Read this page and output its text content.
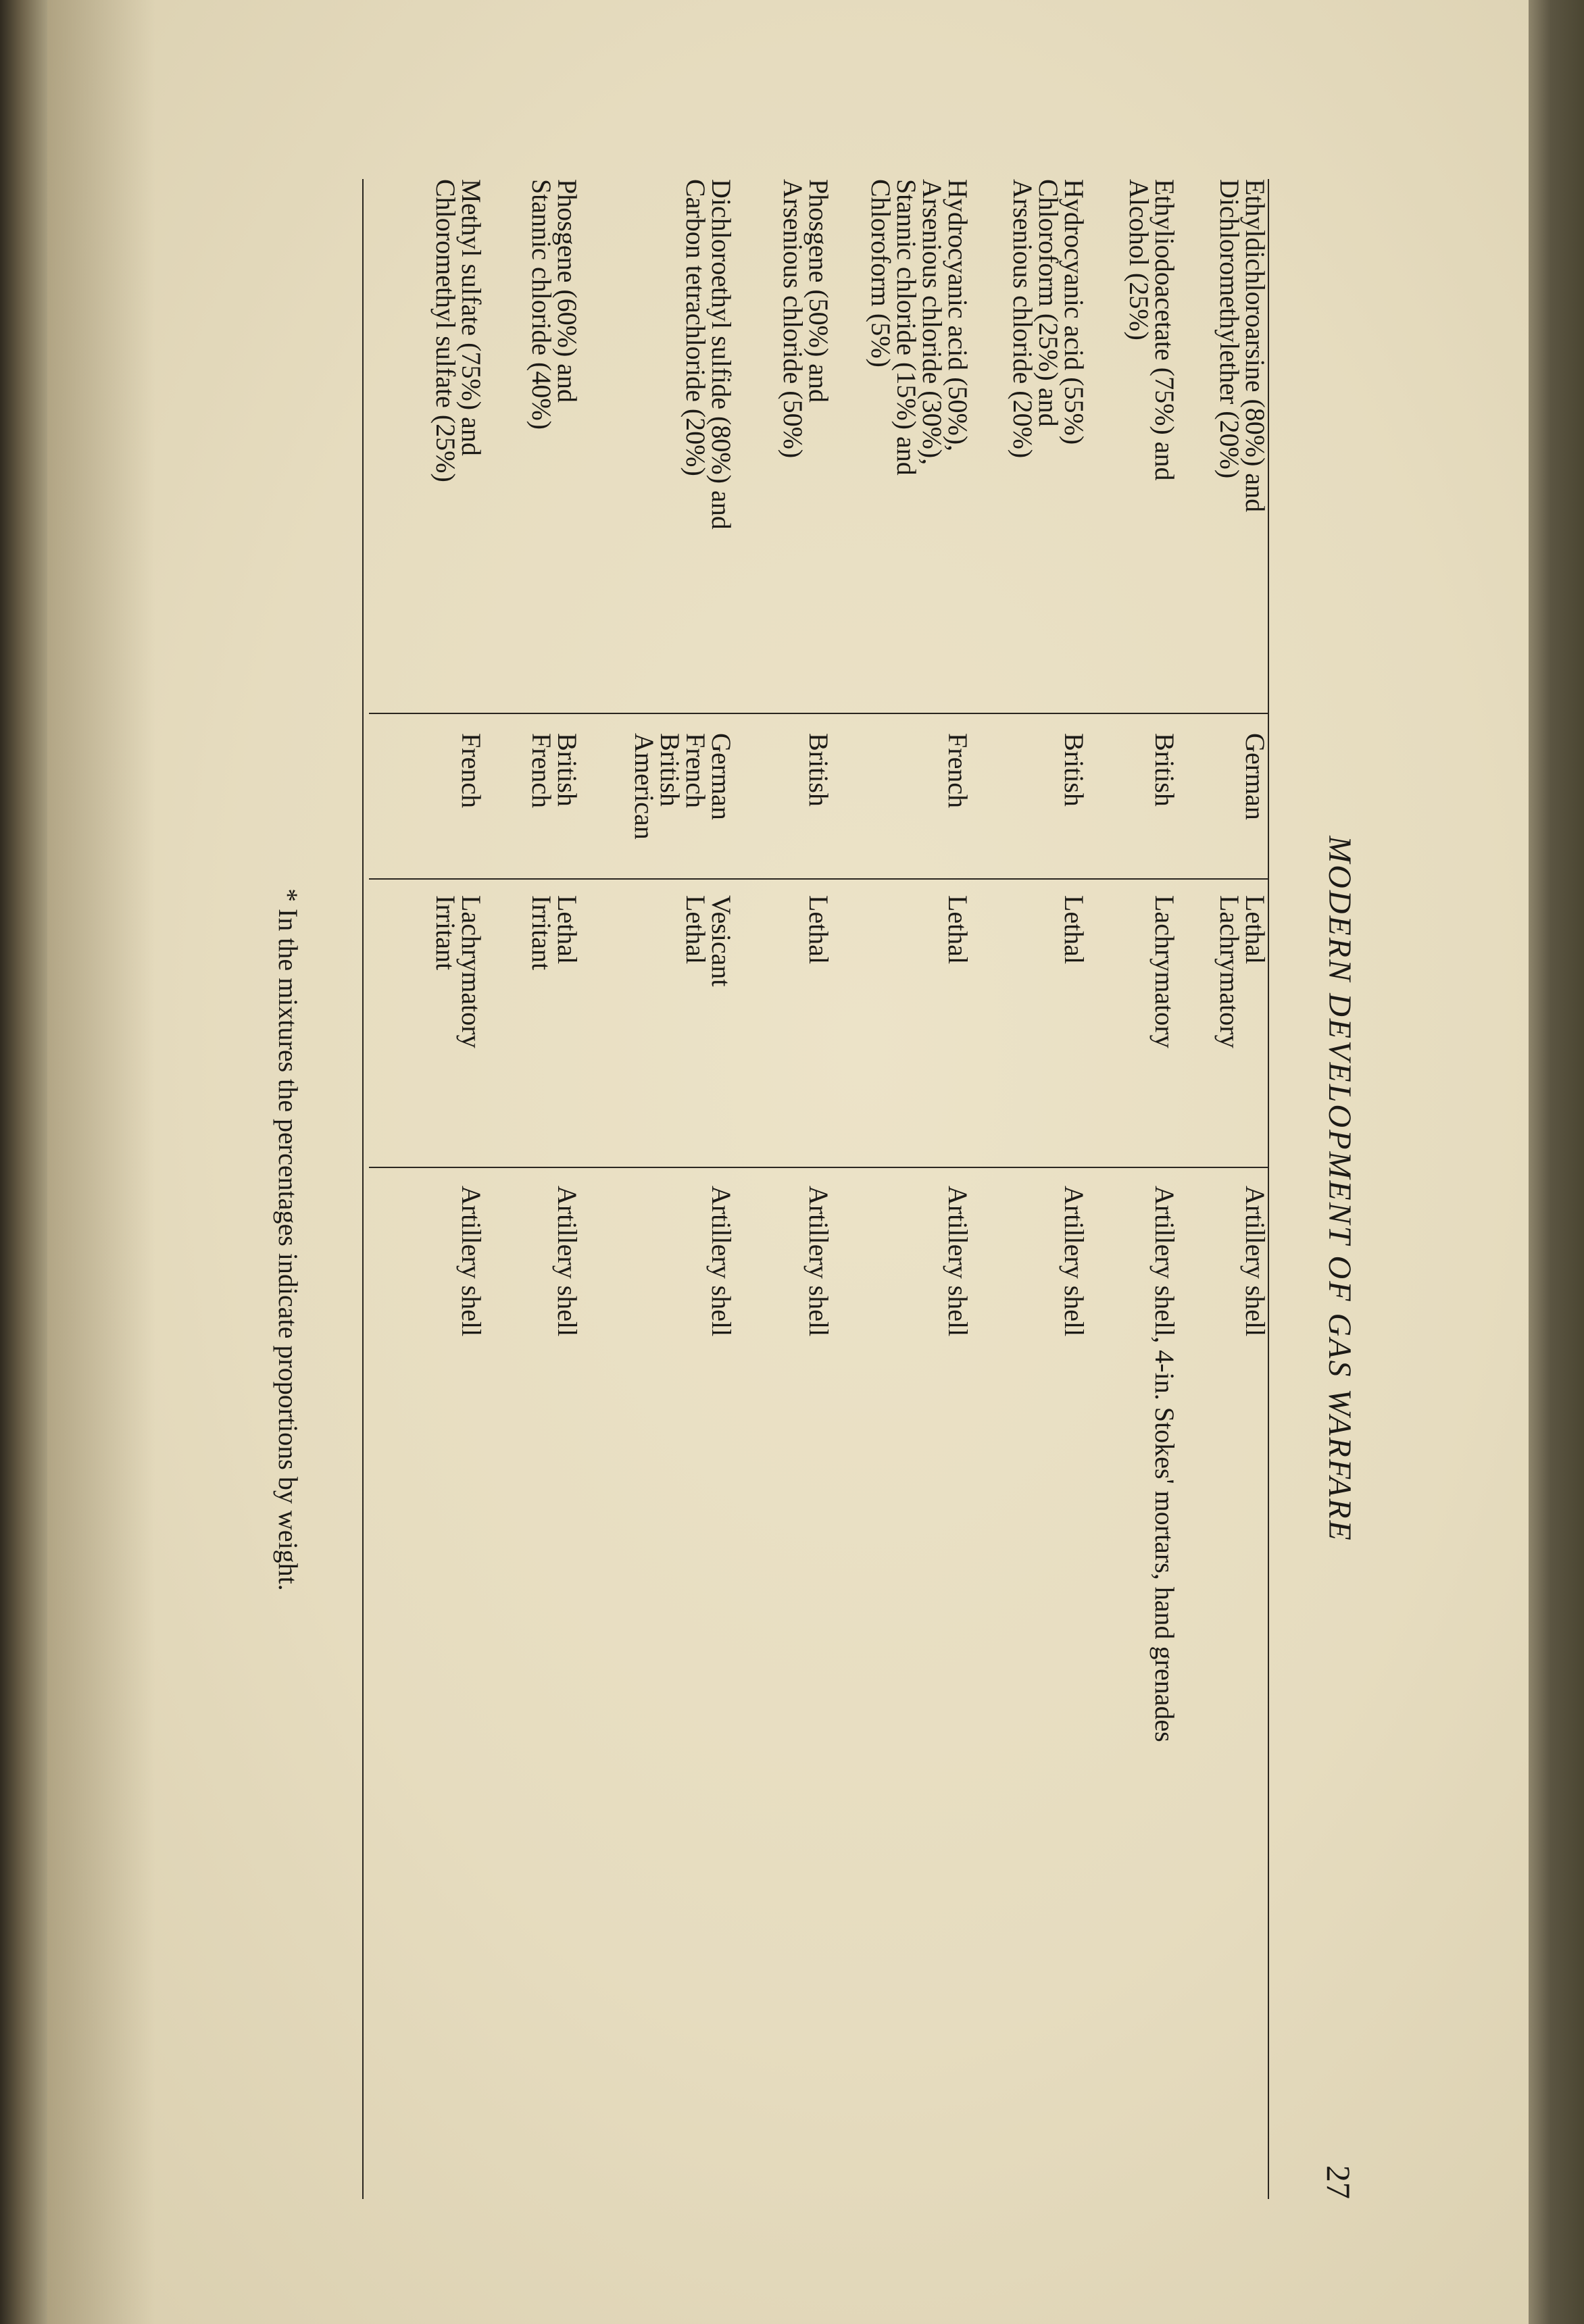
MODERN DEVELOPMENT OF GAS WARFARE
27
Ethyldichloroarsine (80%) and
Dichloromethylether (20%)
German
Lethal
Lachrymatory
Artillery shell
Ethyliodoacetate (75%) and
Alcohol (25%)
British
Lachrymatory
Artillery shell, 4-in. Stokes' mortars, hand grenades
Hydrocyanic acid (55%)
Chloroform (25%) and
Arsenious chloride (20%)
British
Lethal
Artillery shell
Hydrocyanic acid (50%),
Arsenious chloride (30%),
Stannic chloride (15%) and
Chloroform (5%)
French
Lethal
Artillery shell
Phosgene (50%) and
Arsenious chloride (50%)
British
Lethal
Artillery shell
Dichloroethyl sulfide (80%) and
Carbon tetrachloride (20%)
German
French
British
American
Vesicant
Lethal
Artillery shell
Phosgene (60%) and
Stannic chloride (40%)
British
French
Lethal
Irritant
Artillery shell
Methyl sulfate (75%) and
Chloromethyl sulfate (25%)
French
Lachrymatory
Irritant
Artillery shell
* In the mixtures the percentages indicate proportions by weight.
